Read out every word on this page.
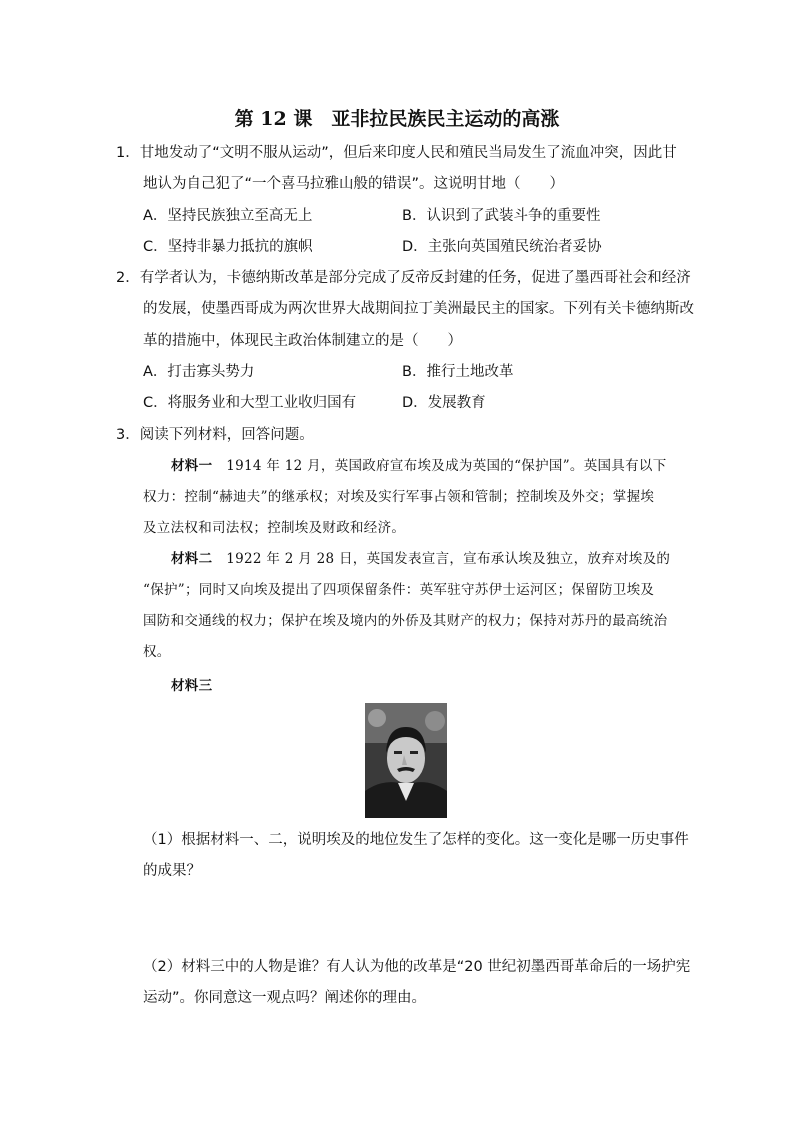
第 12 课　亚非拉民族民主运动的高涨
1．甘地发动了“文明不服从运动”，但后来印度人民和殖民当局发生了流血冲突，因此甘
地认为自己犯了“一个喜马拉雅山般的错误”。这说明甘地（　　）
A．坚持民族独立至高无上	B．认识到了武装斗争的重要性
C．坚持非暴力抵抗的旗帜	D．主张向英国殖民统治者妥协
2．有学者认为，卡德纳斯改革是部分完成了反帝反封建的任务，促进了墨西哥社会和经济
的发展，使墨西哥成为两次世界大战期间拉丁美洲最民主的国家。下列有关卡德纳斯改
革的措施中，体现民主政治体制建立的是（　　）
A．打击寡头势力	B．推行土地改革
C．将服务业和大型工业收归国有	D．发展教育
3．阅读下列材料，回答问题。
材料一 1914 年 12 月，英国政府宣布埃及成为英国的“保护国”。英国具有以下
权力：控制“赫迪夫”的继承权；对埃及实行军事占领和管制；控制埃及外交；掌握埃
及立法权和司法权；控制埃及财政和经济。
材料二 1922 年 2 月 28 日，英国发表宣言，宣布承认埃及独立，放弃对埃及的
“保护”；同时又向埃及提出了四项保留条件：英军驻守苏伊士运河区；保留防卫埃及
国防和交通线的权力；保护在埃及境内的外侨及其财产的权力；保持对苏丹的最高统治
权。
材料三
（1）根据材料一、二，说明埃及的地位发生了怎样的变化。这一变化是哪一历史事件
的成果？
（2）材料三中的人物是谁？有人认为他的改革是“20 世纪初墨西哥革命后的一场护宪
运动”。你同意这一观点吗？阐述你的理由。
